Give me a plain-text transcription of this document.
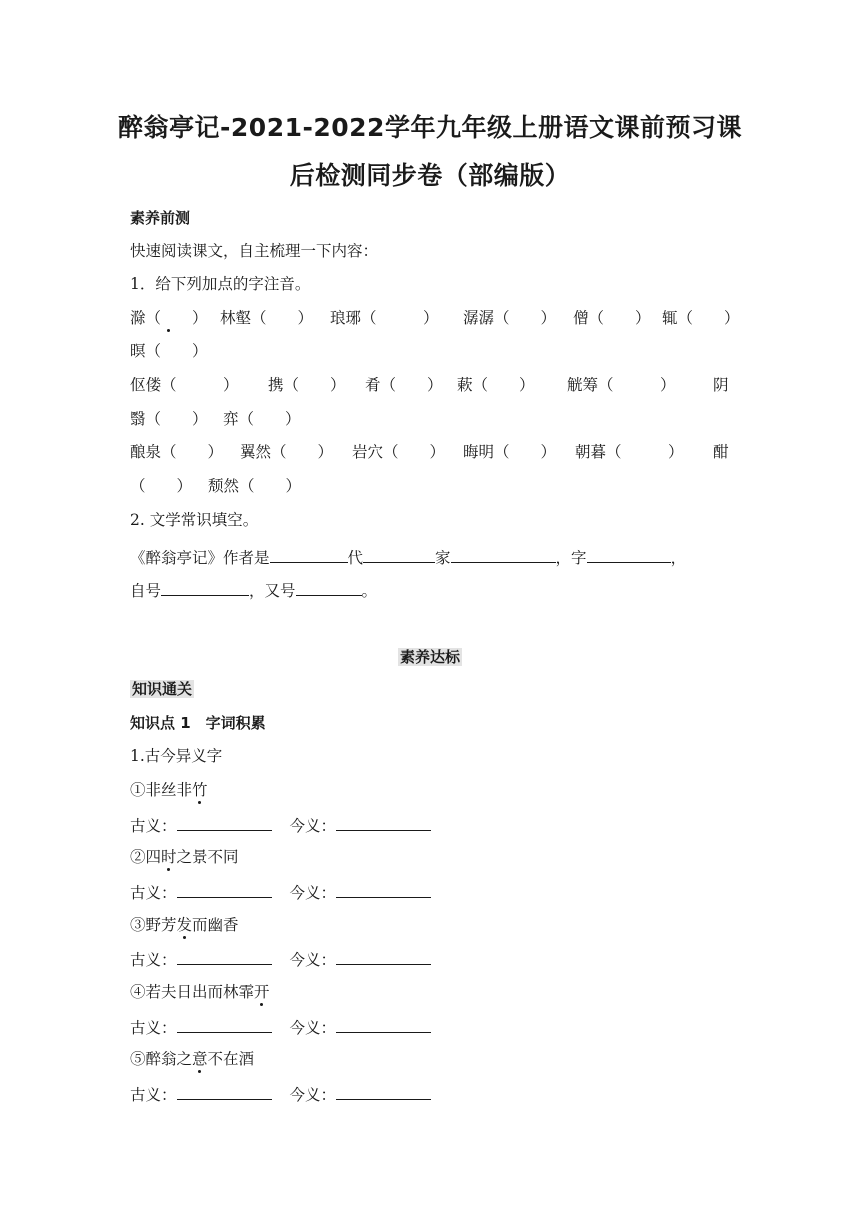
醉翁亭记-2021-2022学年九年级上册语文课前预习课
后检测同步卷（部编版）
素养前测
快速阅读课文，自主梳理一下内容：
1．给下列加点的字注音。
滁（　　） 林壑（　　） 琅琊（　　　） 潺潺（　　） 僧（　　） 辄（　　）
暝（　　）
伛偻（　　　） 携（　　） 肴（　　） 蔌（　　） 觥筹（　　　） 阴
翳（　　） 弈（　　）
酿泉（　　） 翼然（　　） 岩穴（　　） 晦明（　　） 朝暮（　　　） 酣
（　　） 颓然（　　）
2. 文学常识填空。
《醉翁亭记》作者是	代	家	，字	，
自号	，又号	。
素养达标
知识通关
知识点 1　字词积累
1.古今异义字
①非丝非竹
古义：	今义：
②四时之景不同
古义：	今义：
③野芳发而幽香
古义：	今义：
④若夫日出而林霏开
古义：	今义：
⑤醉翁之意不在酒
古义：	今义：
